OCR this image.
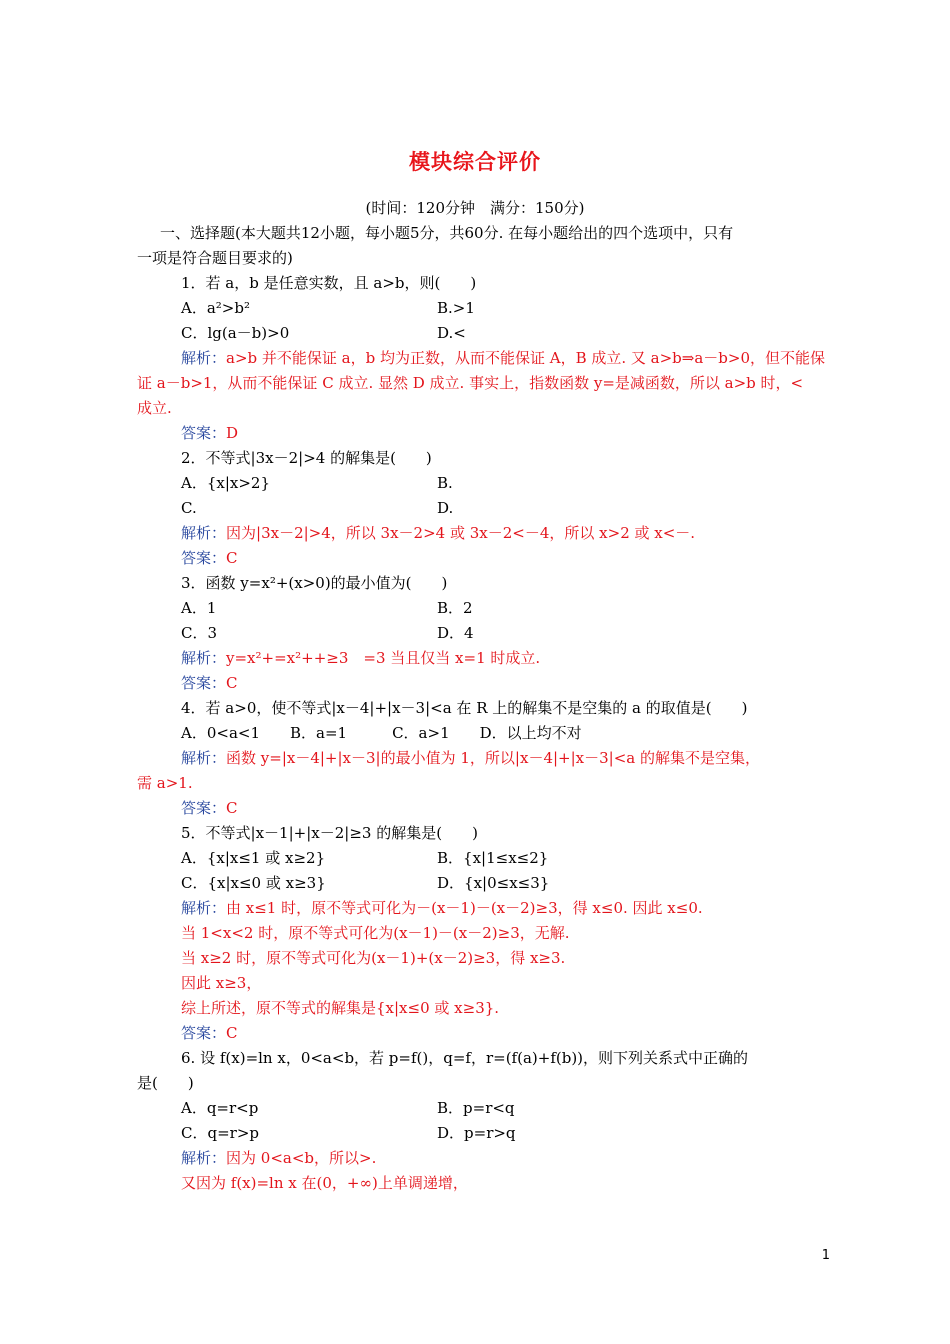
模块综合评价
(时间：120分钟　满分：150分)
一、选择题(本大题共12小题，每小题5分，共60分. 在每小题给出的四个选项中，只有
一项是符合题目要求的)
1．若 a，b 是任意实数，且 a>b，则(　　)
A．a²>b²	B.>1
C．lg(a－b)>0	D.<
解析：a>b 并不能保证 a，b 均为正数，从而不能保证 A，B 成立. 又 a>b⇒a－b>0，但不能保
证 a－b>1，从而不能保证 C 成立. 显然 D 成立. 事实上，指数函数 y=是减函数，所以 a>b 时，<
成立.
答案：D
2．不等式|3x－2|>4 的解集是(　　)
A．{x|x>2}	B.
C.	D.
解析：因为|3x－2|>4，所以 3x－2>4 或 3x－2<－4，所以 x>2 或 x<－.
答案：C
3．函数 y=x²+(x>0)的最小值为(　　)
A．1	B．2
C．3	D．4
解析：y=x²+=x²++≥3　=3 当且仅当 x=1 时成立.
答案：C
4．若 a>0，使不等式|x－4|+|x－3|<a 在 R 上的解集不是空集的 a 的取值是(　　)
A．0<a<1　　B．a=1　　　C．a>1　　D．以上均不对
解析：函数 y=|x－4|+|x－3|的最小值为 1，所以|x－4|+|x－3|<a 的解集不是空集，
需 a>1.
答案：C
5．不等式|x－1|+|x－2|≥3 的解集是(　　)
A．{x|x≤1 或 x≥2}	B．{x|1≤x≤2}
C．{x|x≤0 或 x≥3}	D．{x|0≤x≤3}
解析：由 x≤1 时，原不等式可化为－(x－1)－(x－2)≥3，得 x≤0. 因此 x≤0.
当 1<x<2 时，原不等式可化为(x－1)－(x－2)≥3，无解.
当 x≥2 时，原不等式可化为(x－1)+(x－2)≥3，得 x≥3.
因此 x≥3，
综上所述，原不等式的解集是{x|x≤0 或 x≥3}.
答案：C
6. 设 f(x)=ln x，0<a<b，若 p=f()，q=f，r=(f(a)+f(b))，则下列关系式中正确的
是(　　)
A．q=r<p	B．p=r<q
C．q=r>p	D．p=r>q
解析：因为 0<a<b，所以>.
又因为 f(x)=ln x 在(0，+∞)上单调递增，
1
